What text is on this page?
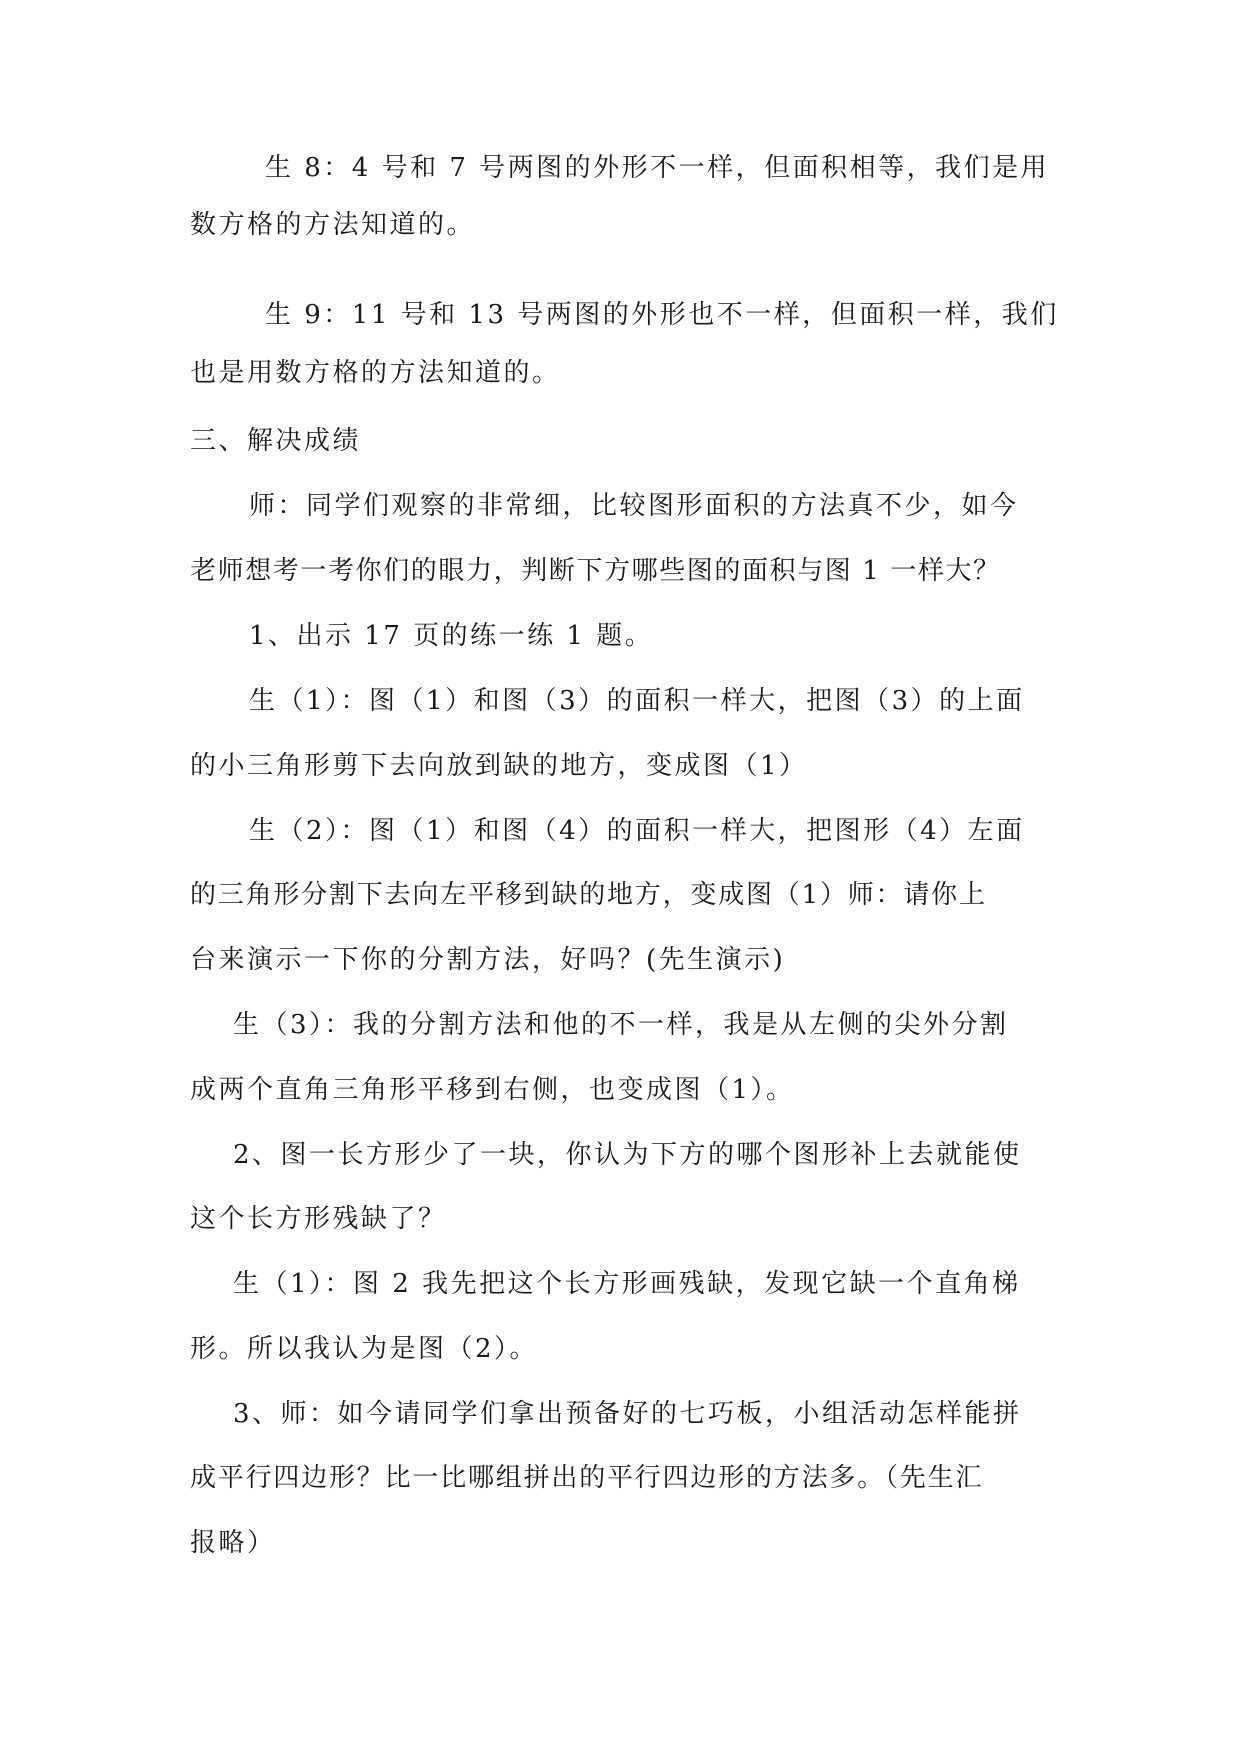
生 8：4 号和 7 号两图的外形不一样，但面积相等，我们是用
数方格的方法知道的。
生 9：11 号和 13 号两图的外形也不一样，但面积一样，我们
也是用数方格的方法知道的。
三、解决成绩
师：同学们观察的非常细，比较图形面积的方法真不少，如今
老师想考一考你们的眼力，判断下方哪些图的面积与图 1 一样大？
1、出示 17 页的练一练 1 题。
生（1）：图（1）和图（3）的面积一样大，把图（3）的上面
的小三角形剪下去向放到缺的地方，变成图（1）
生（2）：图（1）和图（4）的面积一样大，把图形（4）左面
的三角形分割下去向左平移到缺的地方，变成图（1）师：请你上
台来演示一下你的分割方法，好吗？(先生演示)
生（3）：我的分割方法和他的不一样，我是从左侧的尖外分割
成两个直角三角形平移到右侧，也变成图（1）。
2、图一长方形少了一块，你认为下方的哪个图形补上去就能使
这个长方形残缺了？
生（1）：图 2 我先把这个长方形画残缺，发现它缺一个直角梯
形。所以我认为是图（2）。
3、师：如今请同学们拿出预备好的七巧板，小组活动怎样能拼
成平行四边形？比一比哪组拼出的平行四边形的方法多。（先生汇
报略）
